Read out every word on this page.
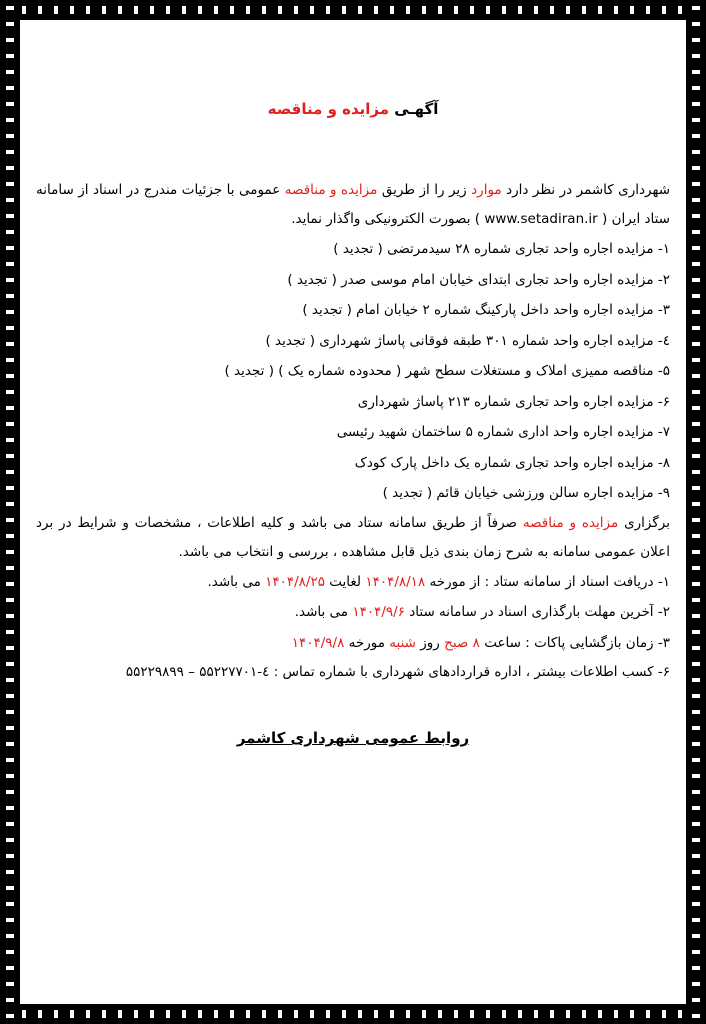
آگهـی مزایده و مناقصه

شهرداری کاشمر در نظر دارد موارد زیر را از طریق مزایده و مناقصه عمومی با جزئیات مندرج در اسناد از سامانه ستاد ایران ( www.setadiran.ir ) بصورت الکترونیکی واگذار نماید.

۱- مزایده اجاره واحد تجاری شماره ۲۸ سیدمرتضی ( تجدید )

۲- مزایده اجاره واحد تجاری ابتدای خیابان امام موسی صدر ( تجدید )

۳- مزایده اجاره واحد داخل پارکینگ شماره ۲ خیابان امام ( تجدید )

٤- مزایده اجاره واحد شماره ۳۰۱ طبقه فوقانی پاساژ شهرداری ( تجدید )

۵- مناقصه ممیزی املاک و مستغلات سطح شهر ( محدوده شماره یک ) ( تجدید )

۶- مزایده اجاره واحد تجاری شماره ۲۱۳ پاساژ شهرداری

۷- مزایده اجاره واحد اداری شماره ۵ ساختمان شهید رئیسی

۸- مزایده اجاره واحد تجاری شماره یک داخل پارک کودک

۹- مزایده اجاره سالن ورزشی خیابان قائم ( تجدید )

برگزاری مزایده و مناقصه صرفاً از طریق سامانه ستاد می باشد و کلیه اطلاعات ، مشخصات و شرایط در برد اعلان عمومی سامانه به شرح زمان بندی ذیل قابل مشاهده ، بررسی و انتخاب می باشد.

۱- دریافت اسناد از سامانه ستاد : از مورخه ۱۴۰۴/۸/۱۸ لغایت ۱۴۰۴/۸/۲۵ می باشد.

۲- آخرین مهلت بارگذاری اسناد در سامانه ستاد ۱۴۰۴/۹/۶ می باشد.

۳- زمان بازگشایی پاکات : ساعت ۸ صبح روز شنبه مورخه ۱۴۰۴/۹/۸

۶- کسب اطلاعات بیشتر ، اداره قراردادهای شهرداری با شماره تماس : ٤-۵۵۲۲۷۷۰۱ – ۵۵۲۲۹۸۹۹

روابط عمومی شهرداری کاشمر
